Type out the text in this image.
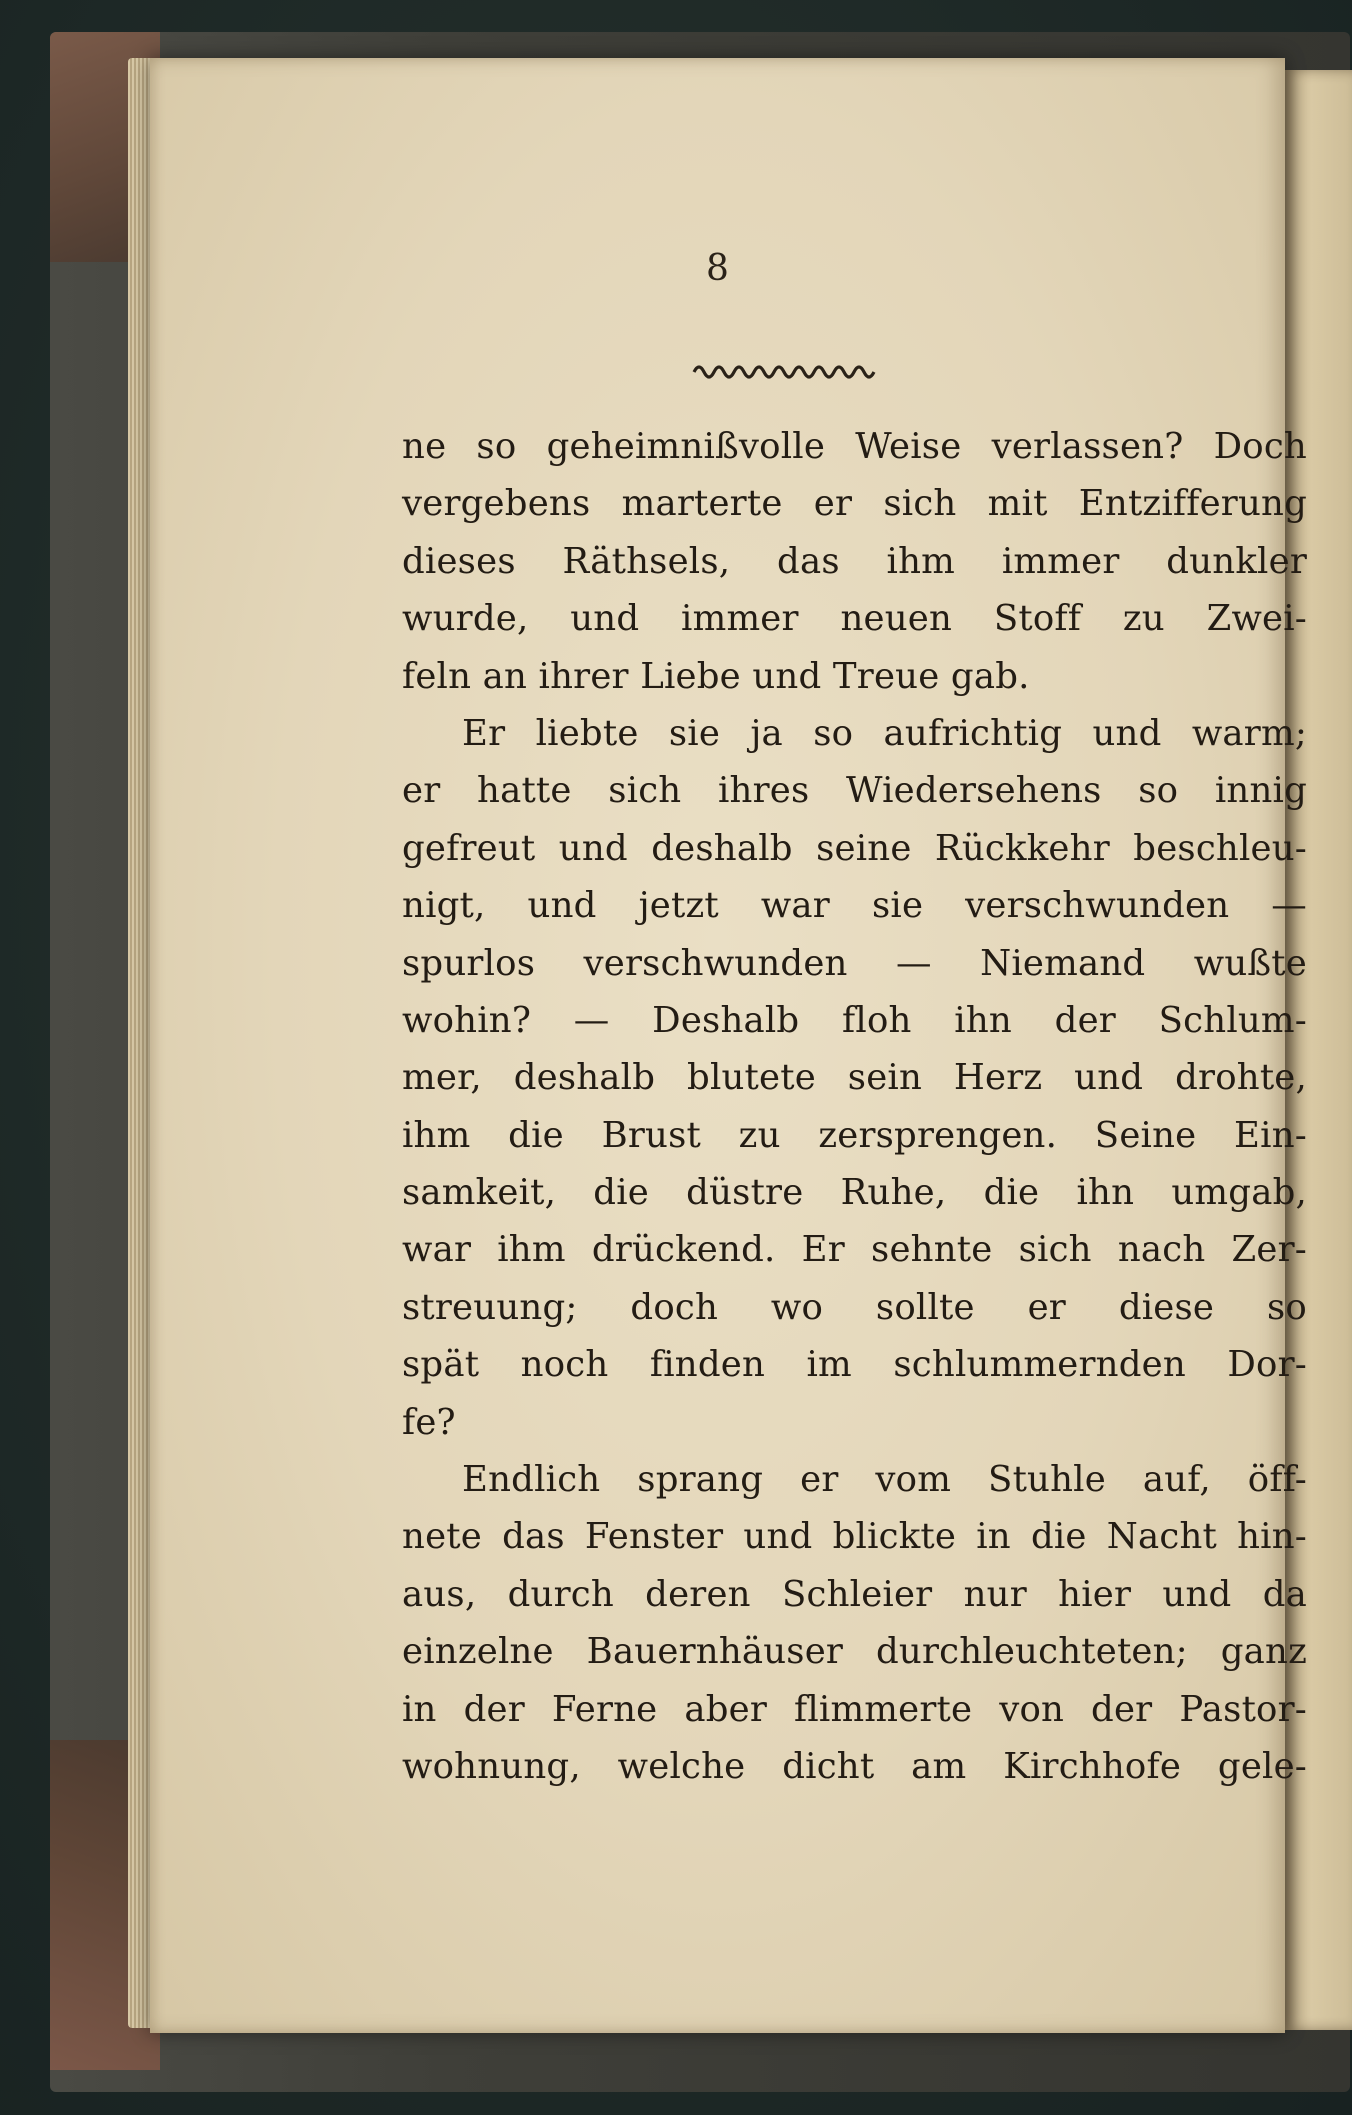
8
ne so geheimnißvolle Weise verlassen? Doch
vergebens marterte er sich mit Entzifferung
dieses Räthsels, das ihm immer dunkler
wurde, und immer neuen Stoff zu Zwei-
feln an ihrer Liebe und Treue gab.
Er liebte sie ja so aufrichtig und warm;
er hatte sich ihres Wiedersehens so innig
gefreut und deshalb seine Rückkehr beschleu-
nigt, und jetzt war sie verschwunden —
spurlos verschwunden — Niemand wußte
wohin? — Deshalb floh ihn der Schlum-
mer, deshalb blutete sein Herz und drohte,
ihm die Brust zu zersprengen. Seine Ein-
samkeit, die düstre Ruhe, die ihn umgab,
war ihm drückend. Er sehnte sich nach Zer-
streuung; doch wo sollte er diese so
spät noch finden im schlummernden Dor-
fe?
Endlich sprang er vom Stuhle auf, öff-
nete das Fenster und blickte in die Nacht hin-
aus, durch deren Schleier nur hier und da
einzelne Bauernhäuser durchleuchteten; ganz
in der Ferne aber flimmerte von der Pastor-
wohnung, welche dicht am Kirchhofe gele-
